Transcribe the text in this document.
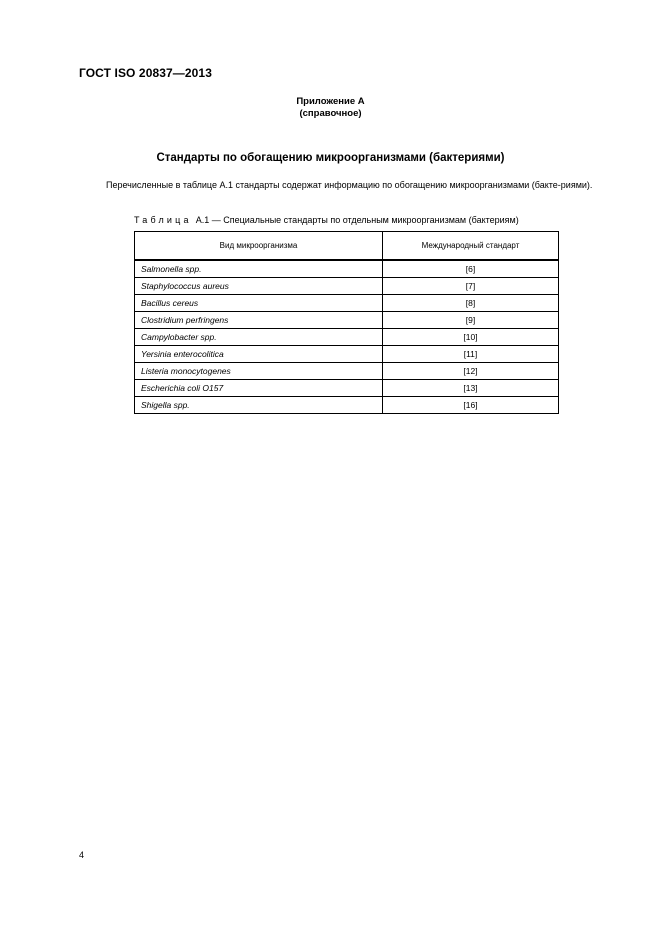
ГОСТ ISO 20837—2013
Приложение А
(справочное)
Стандарты по обогащению микроорганизмами (бактериями)
Перечисленные в таблице А.1 стандарты содержат информацию по обогащению микроорганизмами (бакте-риями).
Таблица А.1 — Специальные стандарты по отдельным микроорганизмам (бактериям)
Вид микроорганизма	Международный стандарт
Salmonella spp.	[6]
Staphylococcus aureus	[7]
Bacillus cereus	[8]
Clostridium perfringens	[9]
Campylobacter spp.	[10]
Yersinia enterocolitica	[11]
Listeria monocytogenes	[12]
Escherichia coli O157	[13]
Shigella spp.	[16]
4
